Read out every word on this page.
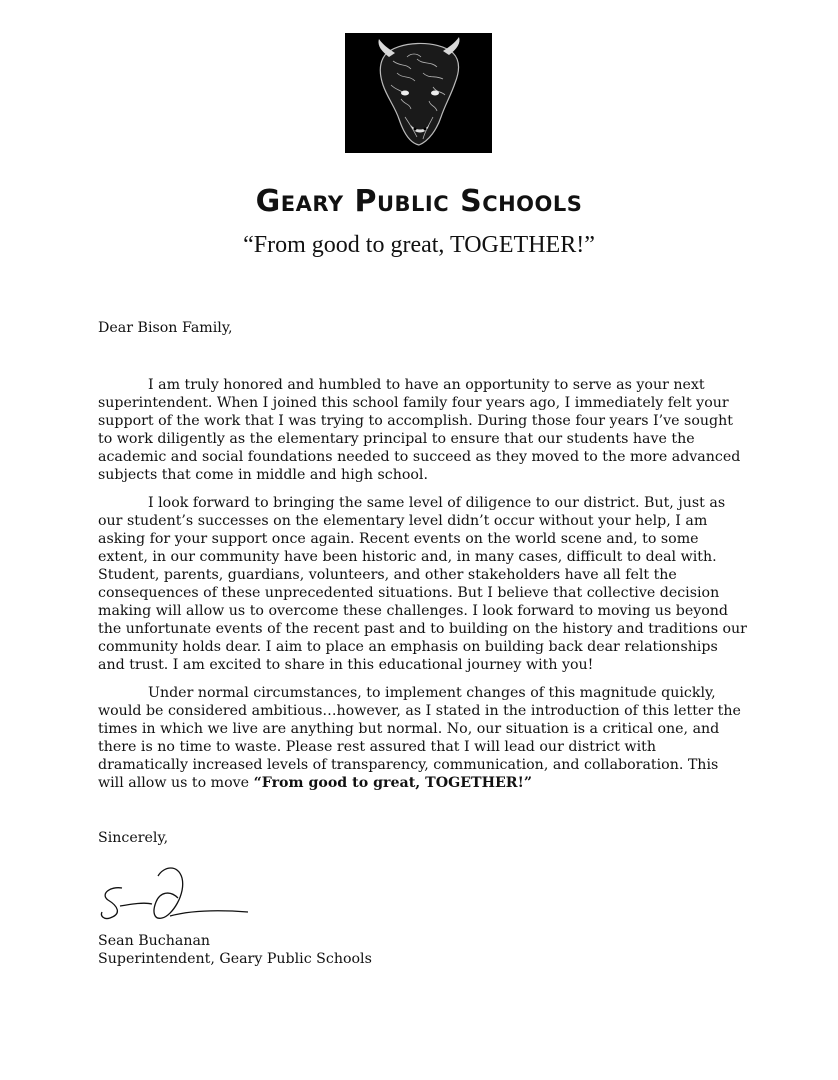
Geary Public Schools
“From good to great, TOGETHER!”
Dear Bison Family,

I am truly honored and humbled to have an opportunity to serve as your next superintendent. When I joined this school family four years ago, I immediately felt your support of the work that I was trying to accomplish. During those four years I’ve sought to work diligently as the elementary principal to ensure that our students have the academic and social foundations needed to succeed as they moved to the more advanced subjects that come in middle and high school.

I look forward to bringing the same level of diligence to our district. But, just as our student’s successes on the elementary level didn’t occur without your help, I am asking for your support once again. Recent events on the world scene and, to some extent, in our community have been historic and, in many cases, difficult to deal with. Student, parents, guardians, volunteers, and other stakeholders have all felt the consequences of these unprecedented situations. But I believe that collective decision making will allow us to overcome these challenges. I look forward to moving us beyond the unfortunate events of the recent past and to building on the history and traditions our community holds dear. I aim to place an emphasis on building back dear relationships and trust. I am excited to share in this educational journey with you!

Under normal circumstances, to implement changes of this magnitude quickly, would be considered ambitious…however, as I stated in the introduction of this letter the times in which we live are anything but normal. No, our situation is a critical one, and there is no time to waste. Please rest assured that I will lead our district with dramatically increased levels of transparency, communication, and collaboration. This will allow us to move “From good to great, TOGETHER!”

Sincerely,
Sean Buchanan
Superintendent, Geary Public Schools
